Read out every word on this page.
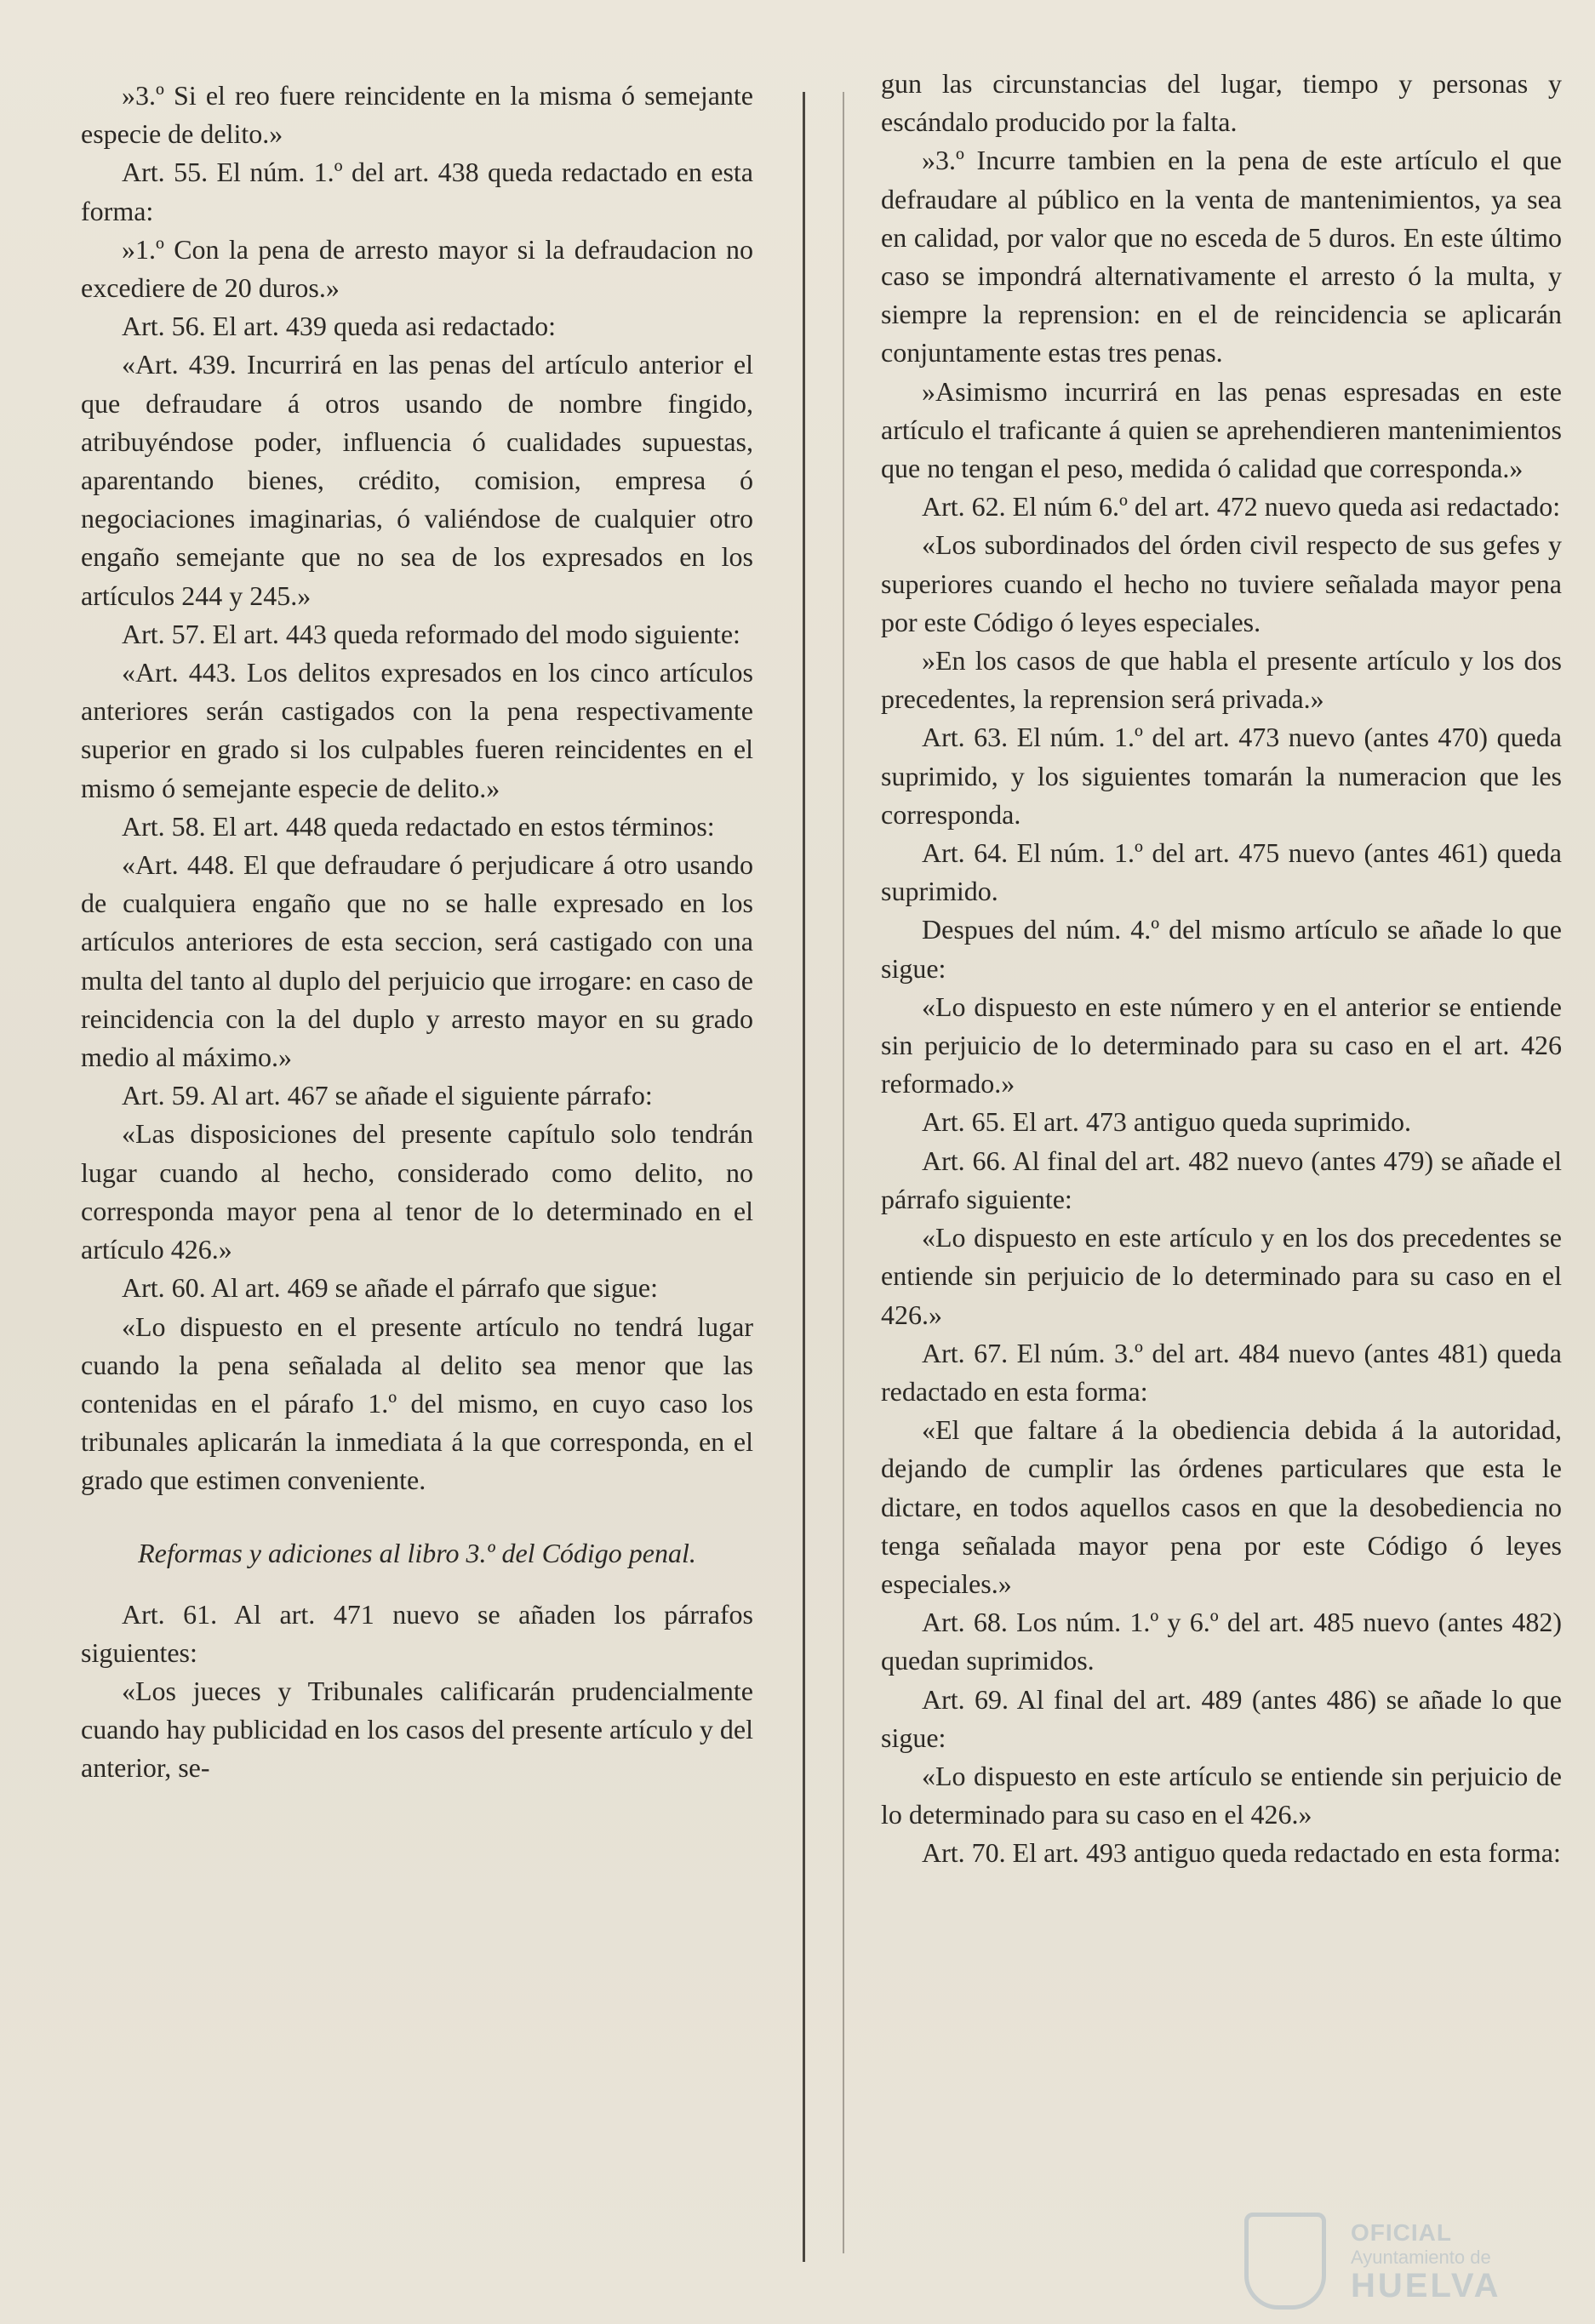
»3.º Si el reo fuere reincidente en la misma ó semejante especie de delito.»

Art. 55. El núm. 1.º del art. 438 queda redactado en esta forma:

»1.º Con la pena de arresto mayor si la defraudacion no excediere de 20 duros.»

Art. 56. El art. 439 queda asi redactado:

«Art. 439. Incurrirá en las penas del artículo anterior el que defraudare á otros usando de nombre fingido, atribuyéndose poder, influencia ó cualidades supuestas, aparentando bienes, crédito, comision, empresa ó negociaciones imaginarias, ó valiéndose de cualquier otro engaño semejante que no sea de los expresados en los artículos 244 y 245.»

Art. 57. El art. 443 queda reformado del modo siguiente:

«Art. 443. Los delitos expresados en los cinco artículos anteriores serán castigados con la pena respectivamente superior en grado si los culpables fueren reincidentes en el mismo ó semejante especie de delito.»

Art. 58. El art. 448 queda redactado en estos términos:

«Art. 448. El que defraudare ó perjudicare á otro usando de cualquiera engaño que no se halle expresado en los artículos anteriores de esta seccion, será castigado con una multa del tanto al duplo del perjuicio que irrogare: en caso de reincidencia con la del duplo y arresto mayor en su grado medio al máximo.»

Art. 59. Al art. 467 se añade el siguiente párrafo:

«Las disposiciones del presente capítulo solo tendrán lugar cuando al hecho, considerado como delito, no corresponda mayor pena al tenor de lo determinado en el artículo 426.»

Art. 60. Al art. 469 se añade el párrafo que sigue:

«Lo dispuesto en el presente artículo no tendrá lugar cuando la pena señalada al delito sea menor que las contenidas en el párafo 1.º del mismo, en cuyo caso los tribunales aplicarán la inmediata á la que corresponda, en el grado que estimen conveniente.

Reformas y adiciones al libro 3.º del Código penal.

Art. 61. Al art. 471 nuevo se añaden los párrafos siguientes:

«Los jueces y Tribunales calificarán prudencialmente cuando hay publicidad en los casos del presente artículo y del anterior, se-

gun las circunstancias del lugar, tiempo y personas y escándalo producido por la falta.

»3.º Incurre tambien en la pena de este artículo el que defraudare al público en la venta de mantenimientos, ya sea en calidad, por valor que no esceda de 5 duros. En este último caso se impondrá alternativamente el arresto ó la multa, y siempre la reprension: en el de reincidencia se aplicarán conjuntamente estas tres penas.

»Asimismo incurrirá en las penas espresadas en este artículo el traficante á quien se aprehendieren mantenimientos que no tengan el peso, medida ó calidad que corresponda.»

Art. 62. El núm 6.º del art. 472 nuevo queda asi redactado:

«Los subordinados del órden civil respecto de sus gefes y superiores cuando el hecho no tuviere señalada mayor pena por este Código ó leyes especiales.

»En los casos de que habla el presente artículo y los dos precedentes, la reprension será privada.»

Art. 63. El núm. 1.º del art. 473 nuevo (antes 470) queda suprimido, y los siguientes tomarán la numeracion que les corresponda.

Art. 64. El núm. 1.º del art. 475 nuevo (antes 461) queda suprimido.

Despues del núm. 4.º del mismo artículo se añade lo que sigue:

«Lo dispuesto en este número y en el anterior se entiende sin perjuicio de lo determinado para su caso en el art. 426 reformado.»

Art. 65. El art. 473 antiguo queda suprimido.

Art. 66. Al final del art. 482 nuevo (antes 479) se añade el párrafo siguiente:

«Lo dispuesto en este artículo y en los dos precedentes se entiende sin perjuicio de lo determinado para su caso en el 426.»

Art. 67. El núm. 3.º del art. 484 nuevo (antes 481) queda redactado en esta forma:

«El que faltare á la obediencia debida á la autoridad, dejando de cumplir las órdenes particulares que esta le dictare, en todos aquellos casos en que la desobediencia no tenga señalada mayor pena por este Código ó leyes especiales.»

Art. 68. Los núm. 1.º y 6.º del art. 485 nuevo (antes 482) quedan suprimidos.

Art. 69. Al final del art. 489 (antes 486) se añade lo que sigue:

«Lo dispuesto en este artículo se entiende sin perjuicio de lo determinado para su caso en el 426.»

Art. 70. El art. 493 antiguo queda redactado en esta forma:

OFICIAL
Ayuntamiento de
HUELVA
